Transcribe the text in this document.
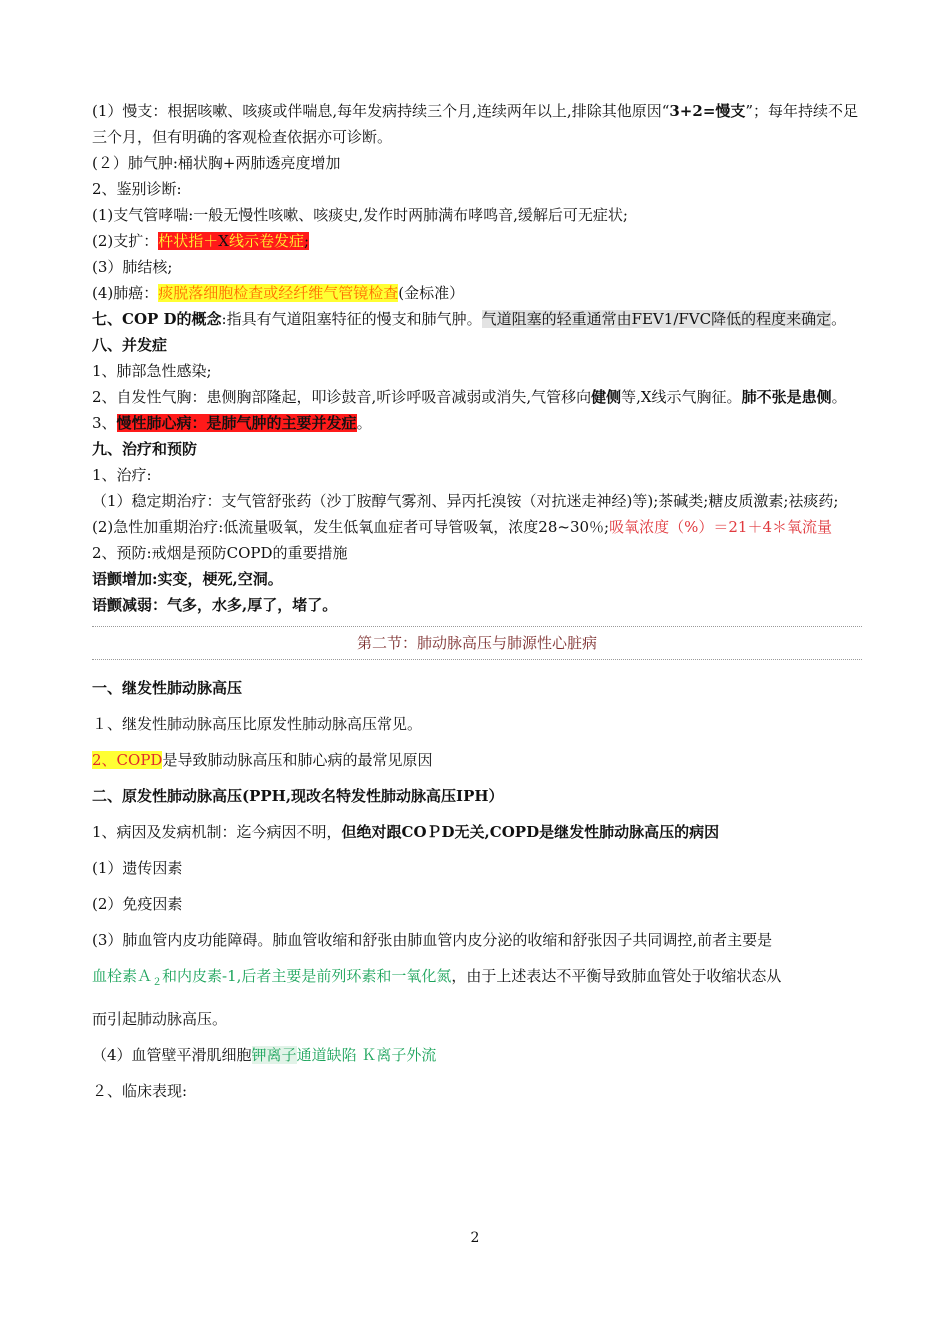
(1）慢支：根据咳嗽、咳痰或伴喘息,每年发病持续三个月,连续两年以上,排除其他原因“3+2=慢支”；每年持续不足三个月，但有明确的客观检查依据亦可诊断。

(２）肺气肿:桶状胸+两肺透亮度增加

2、鉴别诊断:

(1)支气管哮喘:一般无慢性咳嗽、咳痰史,发作时两肺满布哮鸣音,缓解后可无症状;

(2)支扩：杵状指＋X线示卷发症;

(3）肺结核;

(4)肺癌：痰脱落细胞检查或经纤维气管镜检查(金标准）

七、COP D的概念:指具有气道阻塞特征的慢支和肺气肿。气道阻塞的轻重通常由FEV1/FVC降低的程度来确定。

八、并发症

1、肺部急性感染;

2、自发性气胸：患侧胸部隆起，叩诊鼓音,听诊呼吸音减弱或消失,气管移向健侧等,X线示气胸征。肺不张是患侧。

3、慢性肺心病：是肺气肿的主要并发症。

九、治疗和预防

1、治疗:

（1）稳定期治疗：支气管舒张药（沙丁胺醇气雾剂、异丙托溴铵（对抗迷走神经)等);茶碱类;糖皮质激素;祛痰药;

(2)急性加重期治疗:低流量吸氧，发生低氧血症者可导管吸氧，浓度28~30％;吸氧浓度（%）＝21＋4＊氧流量

2、预防:戒烟是预防COPD的重要措施

语颤增加:实变，梗死,空洞。

语颤减弱：气多，水多,厚了，堵了。

第二节：肺动脉高压与肺源性心脏病

一、继发性肺动脉高压

１、继发性肺动脉高压比原发性肺动脉高压常见。

2、COPD是导致肺动脉高压和肺心病的最常见原因

二、原发性肺动脉高压(PPH,现改名特发性肺动脉高压IPH）

1、病因及发病机制：迄今病因不明，但绝对跟COＰD无关,COPD是继发性肺动脉高压的病因

(1）遗传因素

(2）免疫因素

(3）肺血管内皮功能障碍。肺血管收缩和舒张由肺血管内皮分泌的收缩和舒张因子共同调控,前者主要是

血栓素Ａ$_2$和内皮素-1,后者主要是前列环素和一氧化氮，由于上述表达不平衡导致肺血管处于收缩状态从

而引起肺动脉高压。

（4）血管壁平滑肌细胞钾离子通道缺陷 Ｋ离子外流

２、临床表现:

2
